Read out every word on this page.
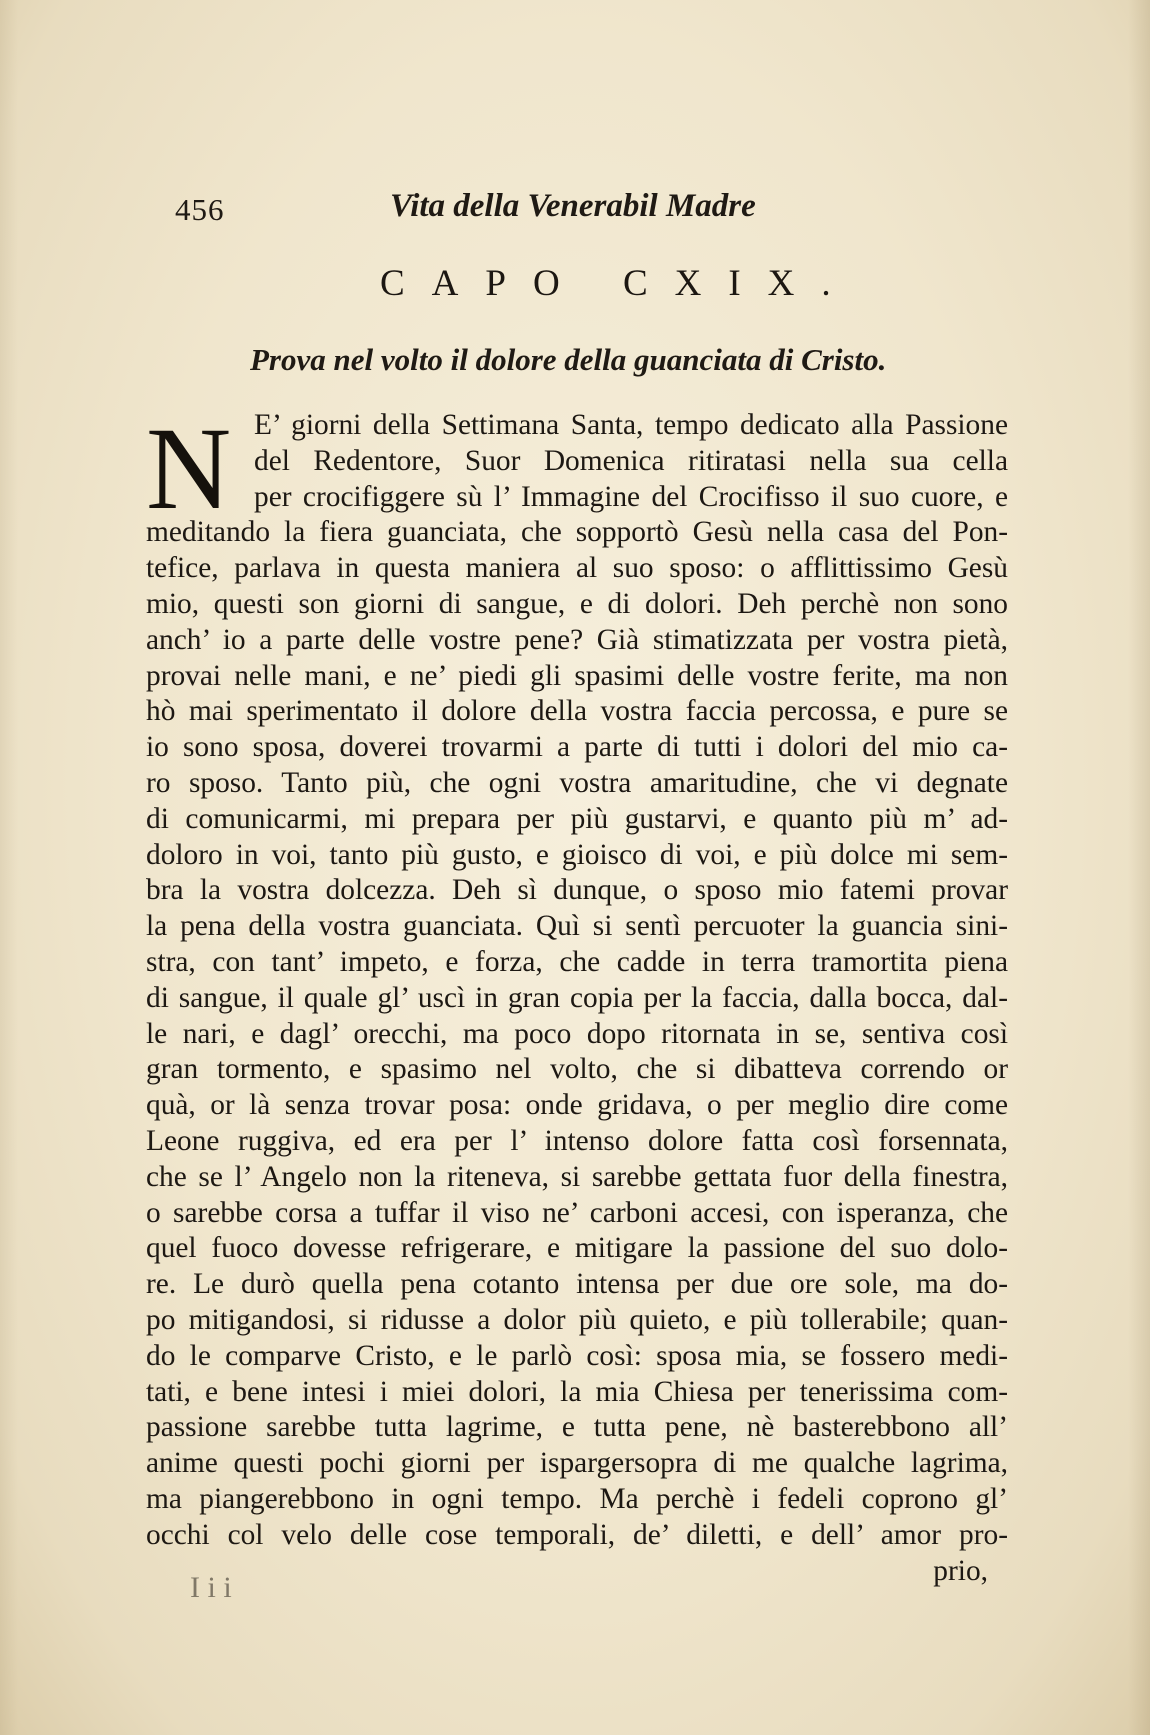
456	Vita della Venerabil Madre
CAPO CXIX.
Prova nel volto il dolore della guanciata di Cristo.
N E’ giorni della Settimana Santa, tempo dedicato alla Passione
del Redentore, Suor Domenica ritiratasi nella sua cella
per crocifiggere sù l’ Immagine del Crocifisso il suo cuore, e
meditando la fiera guanciata, che sopportò Gesù nella casa del Pon-
tefice, parlava in questa maniera al suo sposo: o afflittissimo Gesù
mio, questi son giorni di sangue, e di dolori. Deh perchè non sono
anch’ io a parte delle vostre pene? Già stimatizzata per vostra pietà,
provai nelle mani, e ne’ piedi gli spasimi delle vostre ferite, ma non
hò mai sperimentato il dolore della vostra faccia percossa, e pure se
io sono sposa, doverei trovarmi a parte di tutti i dolori del mio ca-
ro sposo. Tanto più, che ogni vostra amaritudine, che vi degnate
di comunicarmi, mi prepara per più gustarvi, e quanto più m’ ad-
doloro in voi, tanto più gusto, e gioisco di voi, e più dolce mi sem-
bra la vostra dolcezza. Deh sì dunque, o sposo mio fatemi provar
la pena della vostra guanciata. Quì si sentì percuoter la guancia sini-
stra, con tant’ impeto, e forza, che cadde in terra tramortita piena
di sangue, il quale gl’ uscì in gran copia per la faccia, dalla bocca, dal-
le nari, e dagl’ orecchi, ma poco dopo ritornata in se, sentiva così
gran tormento, e spasimo nel volto, che si dibatteva correndo or
quà, or là senza trovar posa: onde gridava, o per meglio dire come
Leone ruggiva, ed era per l’ intenso dolore fatta così forsennata,
che se l’ Angelo non la riteneva, si sarebbe gettata fuor della finestra,
o sarebbe corsa a tuffar il viso ne’ carboni accesi, con isperanza, che
quel fuoco dovesse refrigerare, e mitigare la passione del suo dolo-
re. Le durò quella pena cotanto intensa per due ore sole, ma do-
po mitigandosi, si ridusse a dolor più quieto, e più tollerabile; quan-
do le comparve Cristo, e le parlò così: sposa mia, se fossero medi-
tati, e bene intesi i miei dolori, la mia Chiesa per tenerissima com-
passione sarebbe tutta lagrime, e tutta pene, nè basterebbono all’
anime questi pochi giorni per ispargersopra di me qualche lagrima,
ma piangerebbono in ogni tempo. Ma perchè i fedeli coprono gl’
occhi col velo delle cose temporali, de’ diletti, e dell’ amor pro-
prio,
I i i
